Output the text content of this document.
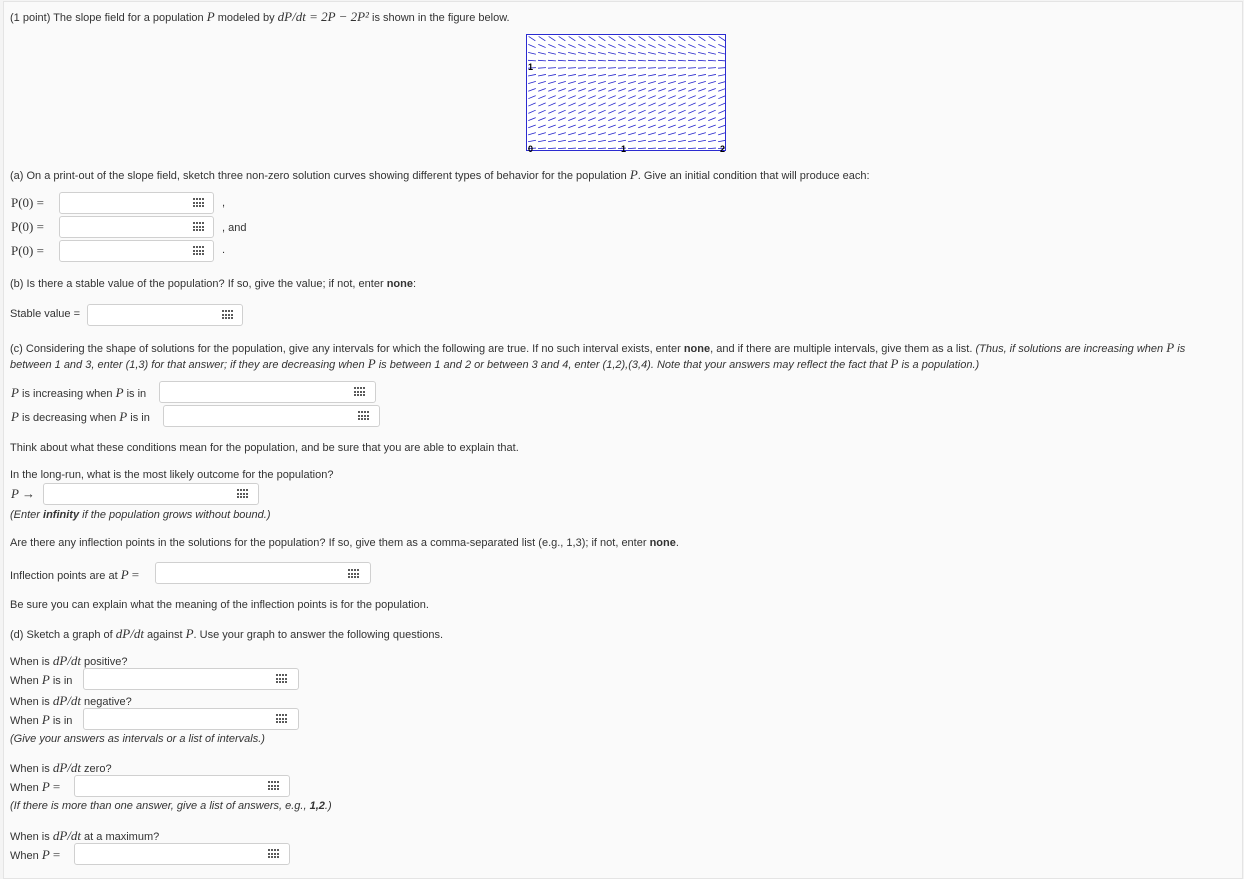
(1 point) The slope field for a population P modeled by dP/dt = 2P − 2P² is shown in the figure below.
1
0	1	2
(a) On a print-out of the slope field, sketch three non-zero solution curves showing different types of behavior for the population P. Give an initial condition that will produce each:
P(0) =	,
P(0) =	, and
P(0) =	.
(b) Is there a stable value of the population? If so, give the value; if not, enter none:
Stable value =
(c) Considering the shape of solutions for the population, give any intervals for which the following are true. If no such interval exists, enter none, and if there are multiple intervals, give them as a list. (Thus, if solutions are increasing when P is
between 1 and 3, enter (1,3) for that answer; if they are decreasing when P is between 1 and 2 or between 3 and 4, enter (1,2),(3,4). Note that your answers may reflect the fact that P is a population.)
P is increasing when P is in
P is decreasing when P is in
Think about what these conditions mean for the population, and be sure that you are able to explain that.
In the long-run, what is the most likely outcome for the population?
P →
(Enter infinity if the population grows without bound.)
Are there any inflection points in the solutions for the population? If so, give them as a comma-separated list (e.g., 1,3); if not, enter none.
Inflection points are at P =
Be sure you can explain what the meaning of the inflection points is for the population.
(d) Sketch a graph of dP/dt against P. Use your graph to answer the following questions.
When is dP/dt positive?
When P is in
When is dP/dt negative?
When P is in
(Give your answers as intervals or a list of intervals.)
When is dP/dt zero?
When P =
(If there is more than one answer, give a list of answers, e.g., 1,2.)
When is dP/dt at a maximum?
When P =
